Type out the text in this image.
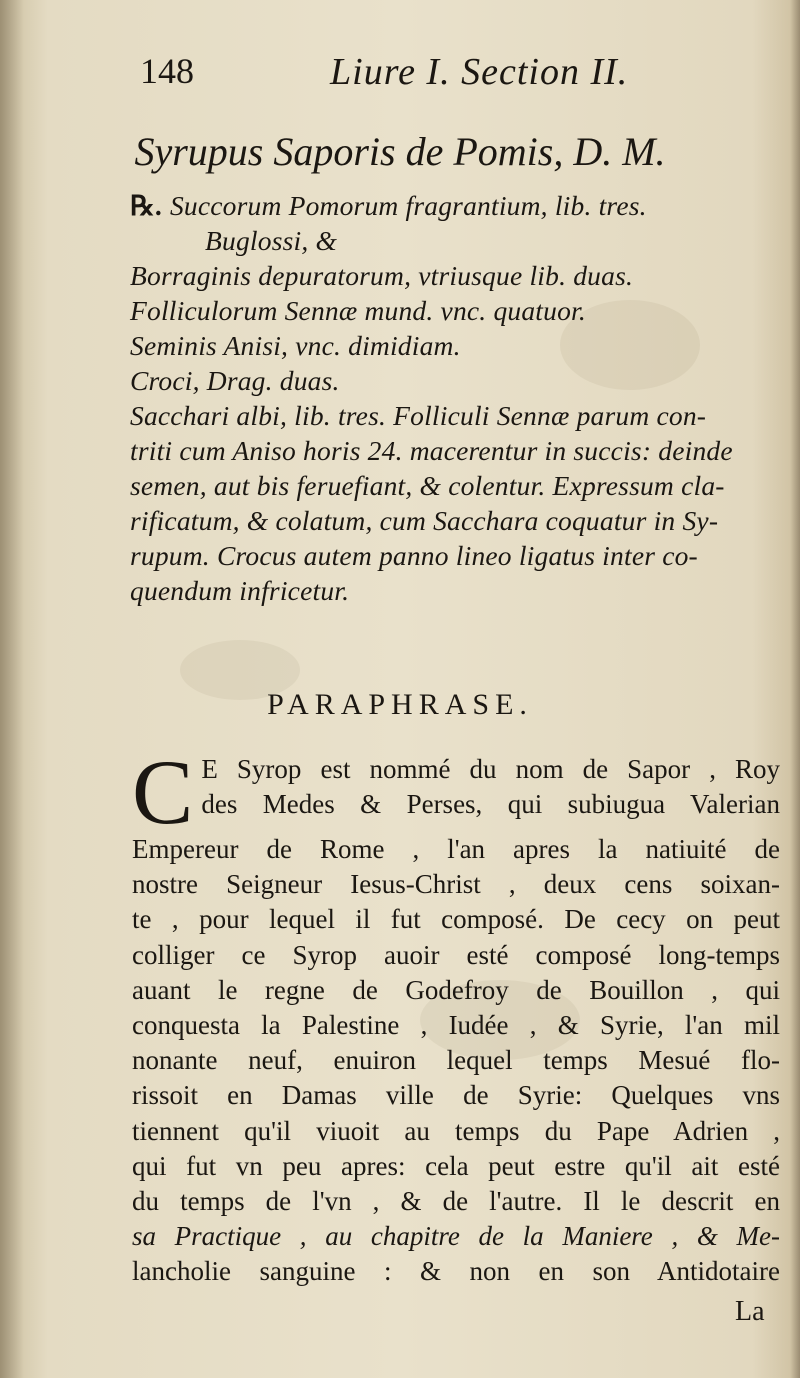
148	Liure I. Section II.
Syrupus Saporis de Pomis, D. M.
℞. Succorum Pomorum fragrantium, lib. tres.
Buglossi, &
Borraginis depuratorum, vtriusque lib. duas.
Folliculorum Sennæ mund. vnc. quatuor.
Seminis Anisi, vnc. dimidiam.
Croci, Drag. duas.
Sacchari albi, lib. tres. Folliculi Sennæ parum con-
triti cum Aniso horis 24. macerentur in succis: deinde
semen, aut bis feruefiant, & colentur. Expressum cla-
rificatum, & colatum, cum Sacchara coquatur in Sy-
rupum. Crocus autem panno lineo ligatus inter co-
quendum infricetur.
PARAPHRASE.
C E Syrop est nommé du nom de Sapor , Roy
des Medes & Perses, qui subiugua Valerian
Empereur de Rome , l'an apres la natiuité de
nostre Seigneur Iesus-Christ , deux cens soixan-
te , pour lequel il fut composé. De cecy on peut
colliger ce Syrop auoir esté composé long-temps
auant le regne de Godefroy de Bouillon , qui
conquesta la Palestine , Iudée , & Syrie, l'an mil
nonante neuf, enuiron lequel temps Mesué flo-
rissoit en Damas ville de Syrie: Quelques vns
tiennent qu'il viuoit au temps du Pape Adrien ,
qui fut vn peu apres: cela peut estre qu'il ait esté
du temps de l'vn , & de l'autre. Il le descrit en
sa Practique , au chapitre de la Maniere , & Me-
lancholie sanguine : & non en son Antidotaire
La
